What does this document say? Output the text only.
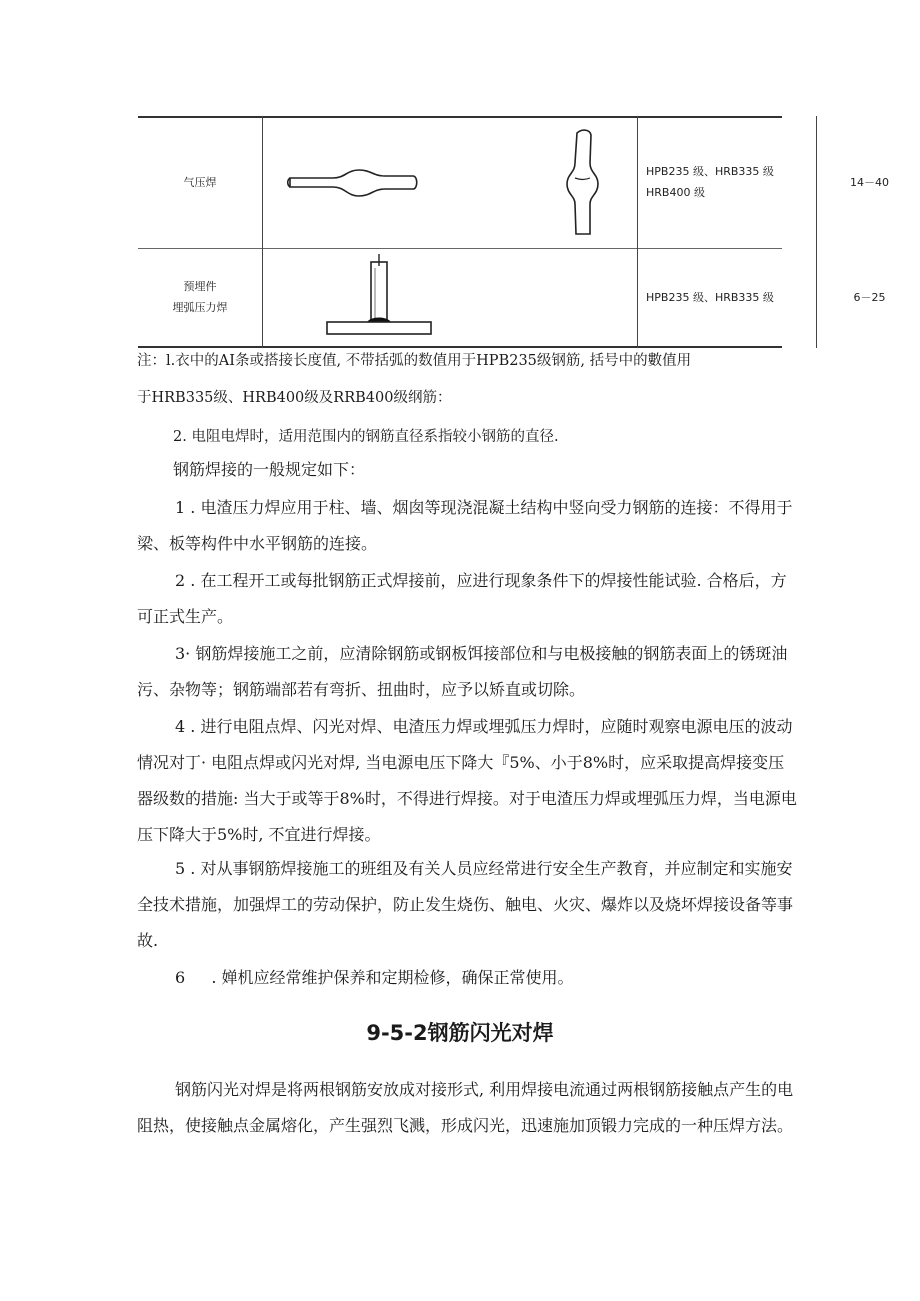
气压焊
HPB235 级、HRB335 级
HRB400 级
14－40
预埋件
埋弧压力焊
HPB235 级、HRB335 级	6－25

注：l.衣中的AI条或搭接长度值, 不带括弧的数值用于HPB235级钢筋, 括号中的數值用

于HRB335级、HRB400级及RRB400级纲筋：

2. 电阻电焊时，适用范围内的钢筋直径系指较小钢筋的直径.

钢筋焊接的一般规定如下：

1 . 电渣压力焊应用于柱、墙、烟囱等现浇混凝土结构中竖向受力钢筋的连接：不得用于梁、板等构件中水平钢筋的连接。

2 . 在工程开工或每批钢筋正式焊接前，应进行现象条件下的焊接性能试验. 合格后，方可正式生产。

3· 钢筋焊接施工之前，应清除钢筋或钢板饵接部位和与电极接触的钢筋表面上的锈斑油污、杂物等；钢筋端部若有弯折、扭曲时，应予以矫直或切除。

4 . 进行电阻点焊、闪光对焊、电渣压力焊或埋弧压力焊时，应随时观察电源电压的波动情况对丁· 电阻点焊或闪光对焊, 当电源电压下降大『5%、小于8%时，应采取提高焊接变压器级数的措施: 当大于或等于8%时，不得进行焊接。对于电渣压力焊或埋弧压力焊，当电源电压下降大于5%时, 不宜进行焊接。

5 . 对从事钢筋焊接施工的班组及有关人员应经常进行安全生产教育，并应制定和实施安全技术措施，加强焊工的劳动保护，防止发生烧伤、触电、火灾、爆炸以及烧坏焊接设备等事故.

6 　 . 婵机应经常维护保养和定期检修，确保正常使用。

9-5-2钢筋闪光对焊

钢筋闪光对焊是将两根钢筋安放成对接形式, 利用焊接电流通过两根钢筋接触点产生的电阻热，使接触点金属熔化，产生强烈飞溅，形成闪光，迅速施加顶锻力完成的一种压焊方法。
